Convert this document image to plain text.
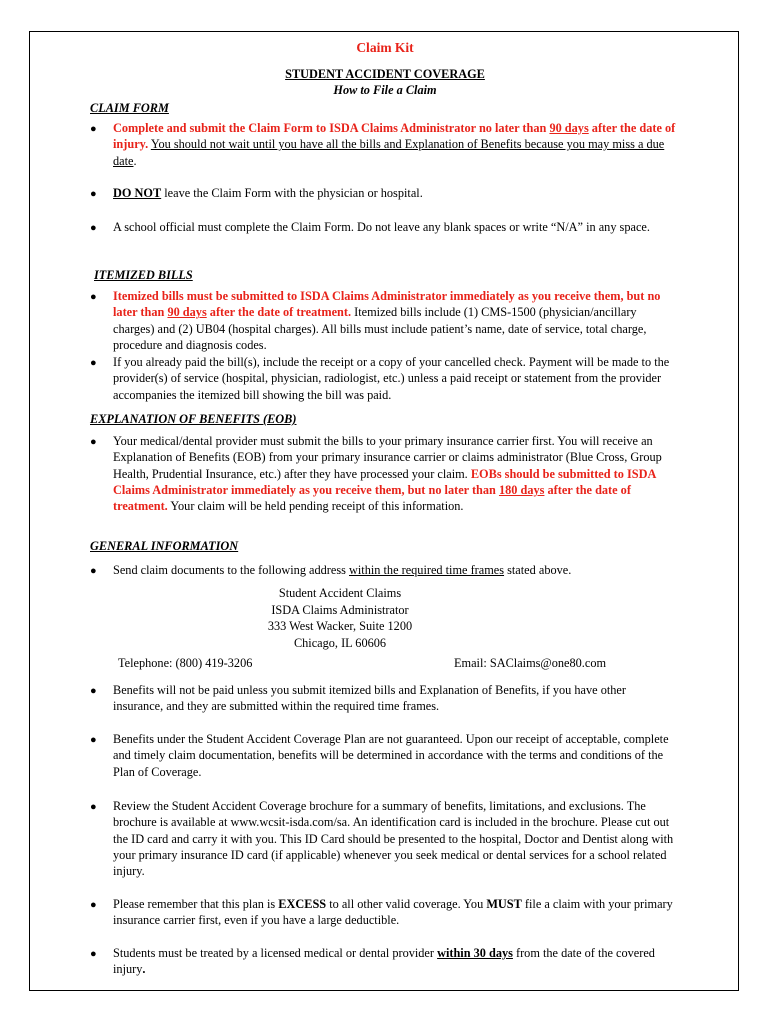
Claim Kit
STUDENT ACCIDENT COVERAGE
How to File a Claim
CLAIM FORM
● Complete and submit the Claim Form to ISDA Claims Administrator no later than 90 days after the date of injury. You should not wait until you have all the bills and Explanation of Benefits because you may miss a due date.
● DO NOT leave the Claim Form with the physician or hospital.
● A school official must complete the Claim Form. Do not leave any blank spaces or write “N/A” in any space.
ITEMIZED BILLS
● Itemized bills must be submitted to ISDA Claims Administrator immediately as you receive them, but no later than 90 days after the date of treatment. Itemized bills include (1) CMS-1500 (physician/ancillary charges) and (2) UB04 (hospital charges). All bills must include patient’s name, date of service, total charge, procedure and diagnosis codes.
● If you already paid the bill(s), include the receipt or a copy of your cancelled check. Payment will be made to the provider(s) of service (hospital, physician, radiologist, etc.) unless a paid receipt or statement from the provider accompanies the itemized bill showing the bill was paid.
EXPLANATION OF BENEFITS (EOB)
● Your medical/dental provider must submit the bills to your primary insurance carrier first. You will receive an Explanation of Benefits (EOB) from your primary insurance carrier or claims administrator (Blue Cross, Group Health, Prudential Insurance, etc.) after they have processed your claim. EOBs should be submitted to ISDA Claims Administrator immediately as you receive them, but no later than 180 days after the date of treatment. Your claim will be held pending receipt of this information.
GENERAL INFORMATION
● Send claim documents to the following address within the required time frames stated above.
Student Accident Claims
ISDA Claims Administrator
333 West Wacker, Suite 1200
Chicago, IL 60606
Telephone: (800) 419-3206	Email: SAClaims@one80.com
● Benefits will not be paid unless you submit itemized bills and Explanation of Benefits, if you have other insurance, and they are submitted within the required time frames.
● Benefits under the Student Accident Coverage Plan are not guaranteed. Upon our receipt of acceptable, complete and timely claim documentation, benefits will be determined in accordance with the terms and conditions of the Plan of Coverage.
● Review the Student Accident Coverage brochure for a summary of benefits, limitations, and exclusions. The brochure is available at www.wcsit-isda.com/sa. An identification card is included in the brochure. Please cut out the ID card and carry it with you. This ID Card should be presented to the hospital, Doctor and Dentist along with your primary insurance ID card (if applicable) whenever you seek medical or dental services for a school related injury.
● Please remember that this plan is EXCESS to all other valid coverage. You MUST file a claim with your primary insurance carrier first, even if you have a large deductible.
● Students must be treated by a licensed medical or dental provider within 30 days from the date of the covered injury.
